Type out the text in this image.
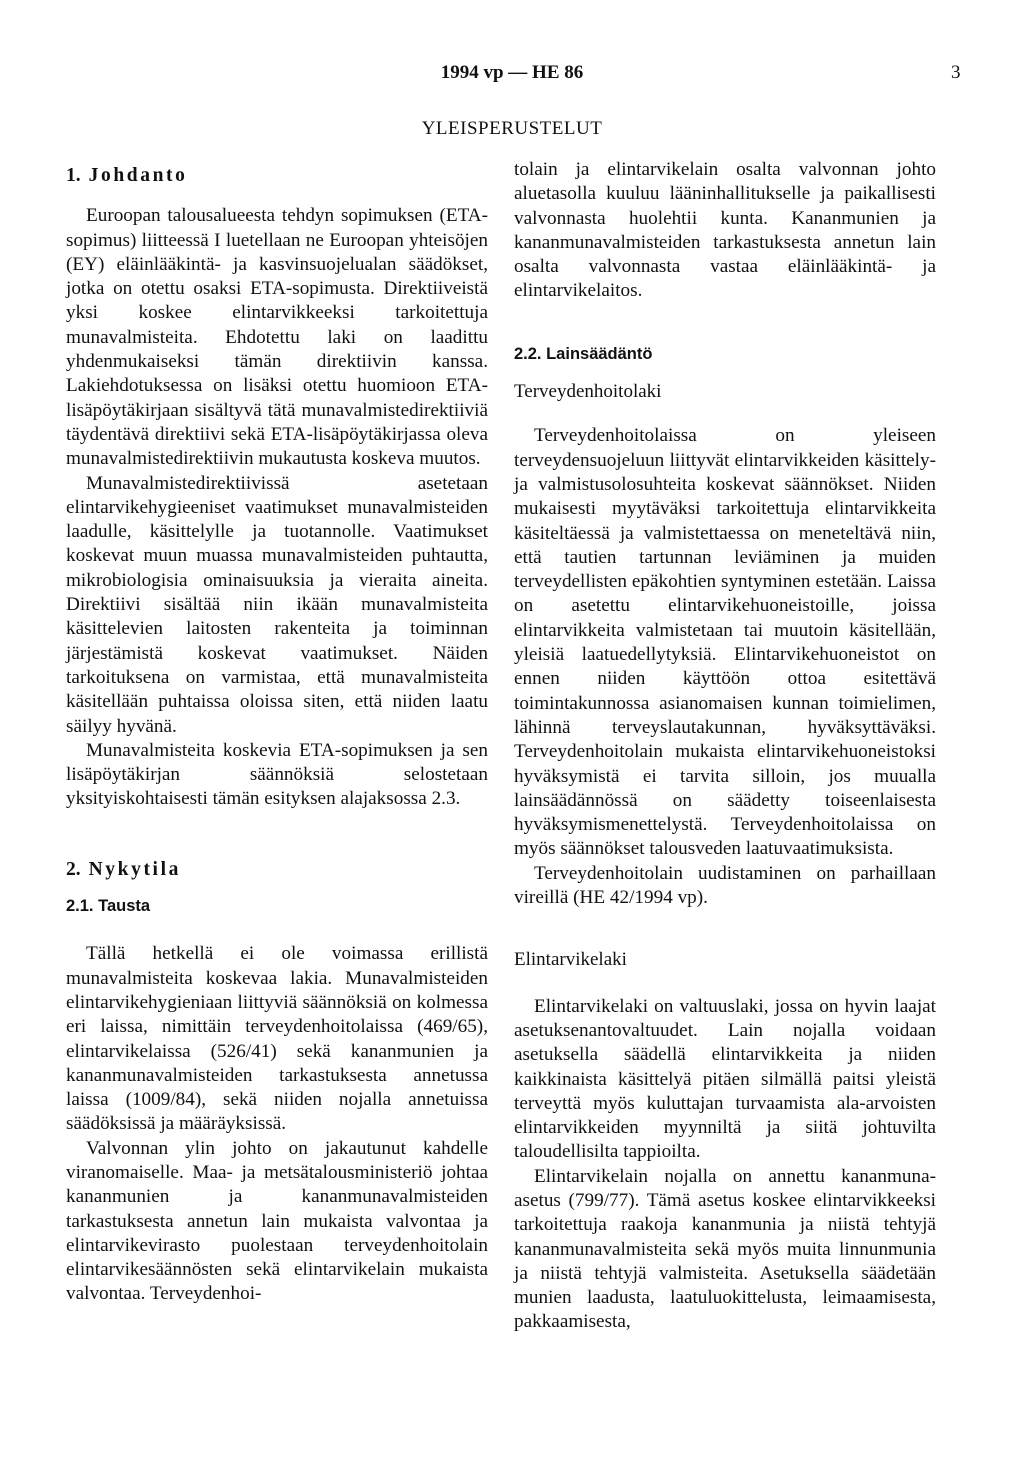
1994 vp — HE 86	3
YLEISPERUSTELUT
1. Johdanto

Euroopan talousalueesta tehdyn sopimuksen (ETA-sopimus) liitteessä I luetellaan ne Euroopan yhteisöjen (EY) eläinlääkintä- ja kasvinsuojelualan säädökset, jotka on otettu osaksi ETA-sopimusta. Direktiiveistä yksi koskee elintarvikkeeksi tarkoitettuja munavalmisteita. Ehdotettu laki on laadittu yhdenmukaiseksi tämän direktiivin kanssa. Lakiehdotuksessa on lisäksi otettu huomioon ETA-lisäpöytäkirjaan sisältyvä tätä munavalmistedirektiiviä täydentävä direktiivi sekä ETA-lisäpöytäkirjassa oleva munavalmistedirektiivin mukautusta koskeva muutos.

Munavalmistedirektiivissä asetetaan elintarvikehygieeniset vaatimukset munavalmisteiden laadulle, käsittelylle ja tuotannolle. Vaatimukset koskevat muun muassa munavalmisteiden puhtautta, mikrobiologisia ominaisuuksia ja vieraita aineita. Direktiivi sisältää niin ikään munavalmisteita käsittelevien laitosten rakenteita ja toiminnan järjestämistä koskevat vaatimukset. Näiden tarkoituksena on varmistaa, että munavalmisteita käsitellään puhtaissa oloissa siten, että niiden laatu säilyy hyvänä.

Munavalmisteita koskevia ETA-sopimuksen ja sen lisäpöytäkirjan säännöksiä selostetaan yksityiskohtaisesti tämän esityksen alajaksossa 2.3.

2. Nykytila
2.1. Tausta

Tällä hetkellä ei ole voimassa erillistä munavalmisteita koskevaa lakia. Munavalmisteiden elintarvikehygieniaan liittyviä säännöksiä on kolmessa eri laissa, nimittäin terveydenhoitolaissa (469/65), elintarvikelaissa (526/41) sekä kananmunien ja kananmunavalmisteiden tarkastuksesta annetussa laissa (1009/84), sekä niiden nojalla annetuissa säädöksissä ja määräyksissä.

Valvonnan ylin johto on jakautunut kahdelle viranomaiselle. Maa- ja metsätalousministeriö johtaa kananmunien ja kananmunavalmisteiden tarkastuksesta annetun lain mukaista valvontaa ja elintarvikevirasto puolestaan terveydenhoitolain elintarvikesäännösten sekä elintarvikelain mukaista valvontaa. Terveydenhoi-

tolain ja elintarvikelain osalta valvonnan johto aluetasolla kuuluu lääninhallitukselle ja paikallisesti valvonnasta huolehtii kunta. Kananmunien ja kananmunavalmisteiden tarkastuksesta annetun lain osalta valvonnasta vastaa eläinlääkintä- ja elintarvikelaitos.

2.2. Lainsäädäntö
Terveydenhoitolaki

Terveydenhoitolaissa on yleiseen terveydensuojeluun liittyvät elintarvikkeiden käsittely- ja valmistusolosuhteita koskevat säännökset. Niiden mukaisesti myytäväksi tarkoitettuja elintarvikkeita käsiteltäessä ja valmistettaessa on meneteltävä niin, että tautien tartunnan leviäminen ja muiden terveydellisten epäkohtien syntyminen estetään. Laissa on asetettu elintarvikehuoneistoille, joissa elintarvikkeita valmistetaan tai muutoin käsitellään, yleisiä laatuedellytyksiä. Elintarvikehuoneistot on ennen niiden käyttöön ottoa esitettävä toimintakunnossa asianomaisen kunnan toimielimen, lähinnä terveyslautakunnan, hyväksyttäväksi. Terveydenhoitolain mukaista elintarvikehuoneistoksi hyväksymistä ei tarvita silloin, jos muualla lainsäädännössä on säädetty toiseenlaisesta hyväksymismenettelystä. Terveydenhoitolaissa on myös säännökset talousveden laatuvaatimuksista.

Terveydenhoitolain uudistaminen on parhaillaan vireillä (HE 42/1994 vp).

Elintarvikelaki

Elintarvikelaki on valtuuslaki, jossa on hyvin laajat asetuksenantovaltuudet. Lain nojalla voidaan asetuksella säädellä elintarvikkeita ja niiden kaikkinaista käsittelyä pitäen silmällä paitsi yleistä terveyttä myös kuluttajan turvaamista ala-arvoisten elintarvikkeiden myynniltä ja siitä johtuvilta taloudellisilta tappioilta.

Elintarvikelain nojalla on annettu kananmuna-asetus (799/77). Tämä asetus koskee elintarvikkeeksi tarkoitettuja raakoja kananmunia ja niistä tehtyjä kananmunavalmisteita sekä myös muita linnunmunia ja niistä tehtyjä valmisteita. Asetuksella säädetään munien laadusta, laatuluokittelusta, leimaamisesta, pakkaamisesta,
